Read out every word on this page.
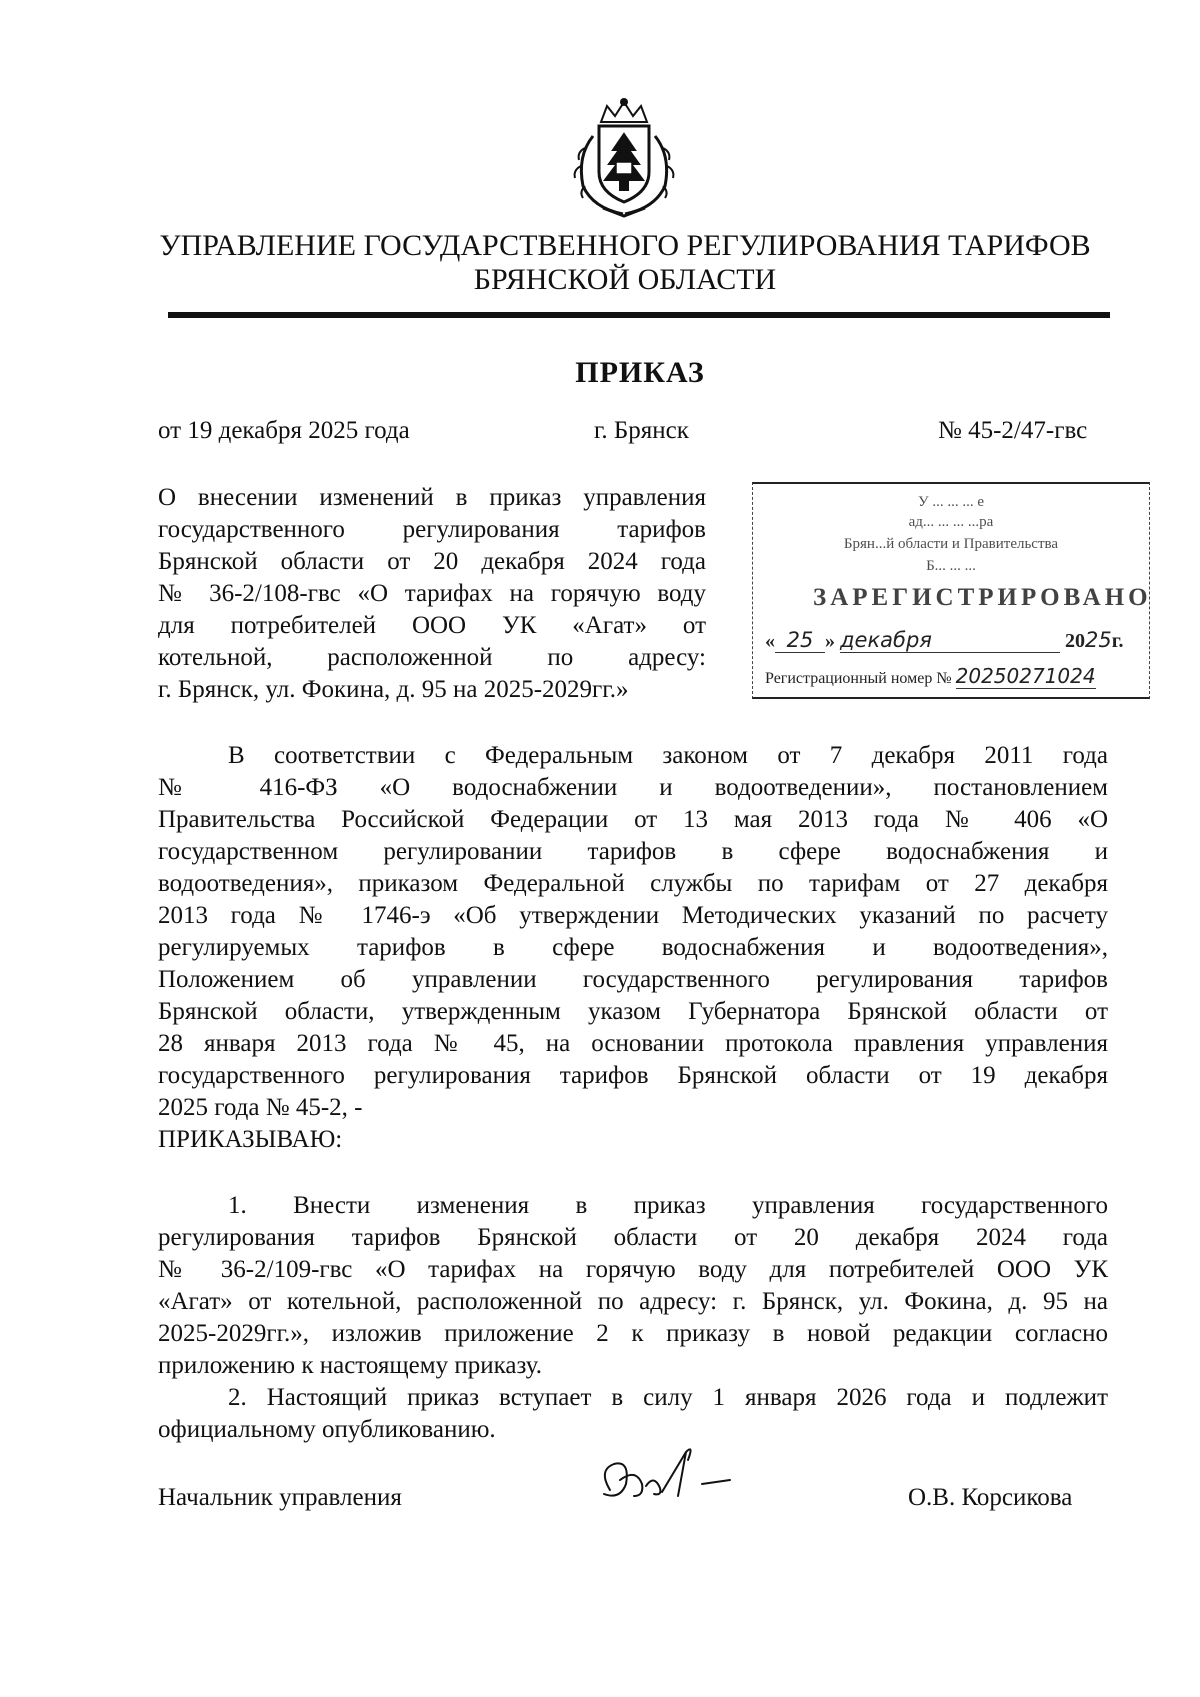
УПРАВЛЕНИЕ ГОСУДАРСТВЕННОГО РЕГУЛИРОВАНИЯ ТАРИФОВ
БРЯНСКОЙ ОБЛАСТИ
ПРИКАЗ
от 19 декабря 2025 года	г. Брянск	№ 45-2/47-гвс
О внесении изменений в приказ управления
государственного регулирования тарифов
Брянской области от 20 декабря 2024 года
№ 36-2/108-гвс «О тарифах на горячую воду
для потребителей ООО УК «Агат» от
котельной, расположенной по адресу:
г. Брянск, ул. Фокина, д. 95 на 2025-2029гг.»
У ... ... ... е
ад... ... ... ...ра
Брян...й области и Правительства
Б... ... ...
ЗАРЕГИСТРИРОВАНО
« 25 » декабря	2025г.
Регистрационный номер № 20250271024
В соответствии с Федеральным законом от 7 декабря 2011 года
№ 416-ФЗ «О водоснабжении и водоотведении», постановлением
Правительства Российской Федерации от 13 мая 2013 года № 406 «О
государственном регулировании тарифов в сфере водоснабжения и
водоотведения», приказом Федеральной службы по тарифам от 27 декабря
2013 года № 1746-э «Об утверждении Методических указаний по расчету
регулируемых тарифов в сфере водоснабжения и водоотведения»,
Положением об управлении государственного регулирования тарифов
Брянской области, утвержденным указом Губернатора Брянской области от
28 января 2013 года № 45, на основании протокола правления управления
государственного регулирования тарифов Брянской области от 19 декабря
2025 года № 45-2, -
ПРИКАЗЫВАЮ:
1. Внести изменения в приказ управления государственного
регулирования тарифов Брянской области от 20 декабря 2024 года
№ 36-2/109-гвс «О тарифах на горячую воду для потребителей ООО УК
«Агат» от котельной, расположенной по адресу: г. Брянск, ул. Фокина, д. 95 на
2025-2029гг.», изложив приложение 2 к приказу в новой редакции согласно
приложению к настоящему приказу.
2. Настоящий приказ вступает в силу 1 января 2026 года и подлежит
официальному опубликованию.
Начальник управления	О.В. Корсикова
